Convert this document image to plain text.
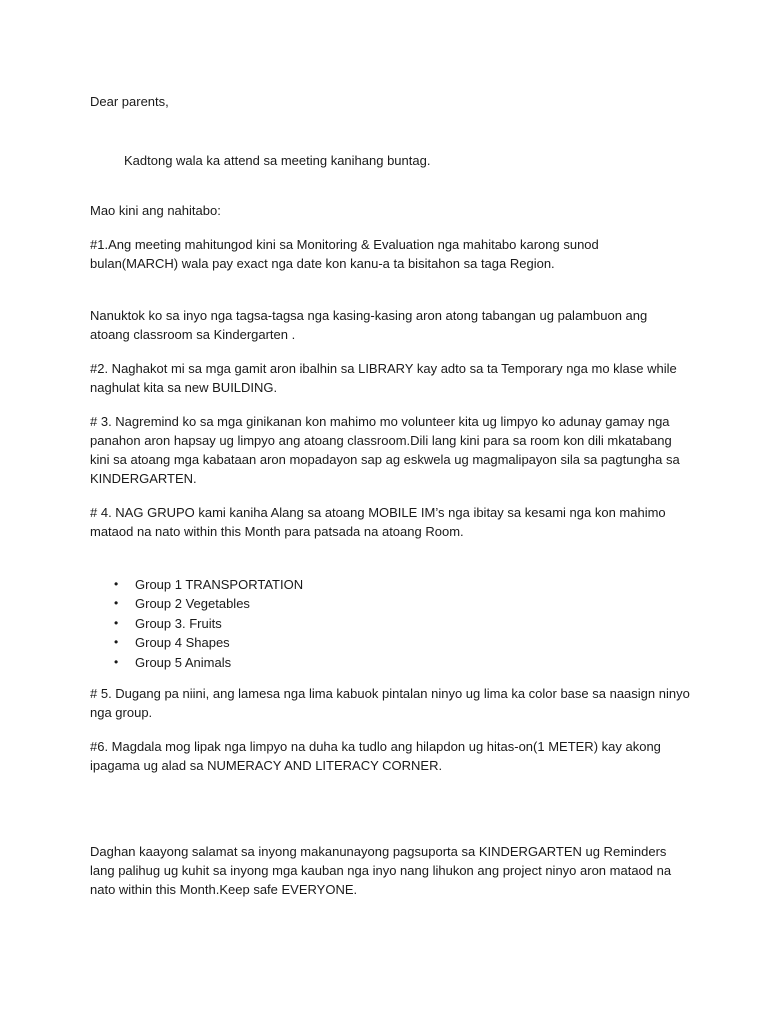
Dear parents,

Kadtong wala ka attend sa meeting kanihang buntag.

Mao kini ang nahitabo:

#1.Ang meeting mahitungod kini sa Monitoring & Evaluation nga mahitabo karong sunod bulan(MARCH) wala pay exact nga date kon kanu-a ta bisitahon sa taga Region.

Nanuktok ko sa inyo nga tagsa-tagsa nga kasing-kasing aron atong tabangan ug palambuon ang atoang classroom sa Kindergarten .

#2. Naghakot mi sa mga gamit aron ibalhin sa LIBRARY kay adto sa ta Temporary nga mo klase while naghulat kita sa new BUILDING.

# 3. Nagremind ko sa mga ginikanan kon mahimo mo volunteer kita ug limpyo ko adunay gamay nga panahon aron hapsay ug limpyo ang atoang classroom.Dili lang kini para sa room kon dili mkatabang kini sa atoang mga kabataan aron mopadayon sap ag eskwela ug magmalipayon sila sa pagtungha sa KINDERGARTEN.

# 4. NAG GRUPO kami kaniha Alang sa atoang MOBILE IM’s nga ibitay sa kesami nga kon mahimo mataod na nato within this Month para patsada na atoang Room.

• Group 1 TRANSPORTATION
• Group 2 Vegetables
• Group 3. Fruits
• Group 4 Shapes
• Group 5 Animals

# 5. Dugang pa niini, ang lamesa nga lima kabuok pintalan ninyo ug lima ka color base sa naasign ninyo nga group.

#6. Magdala mog lipak nga limpyo na duha ka tudlo ang hilapdon ug hitas-on(1 METER) kay akong ipagama ug alad sa NUMERACY AND LITERACY CORNER.

Daghan kaayong salamat sa inyong makanunayong pagsuporta sa KINDERGARTEN ug Reminders lang palihug ug kuhit sa inyong mga kauban nga inyo nang lihukon ang project ninyo aron mataod na nato within this Month.Keep safe EVERYONE.
